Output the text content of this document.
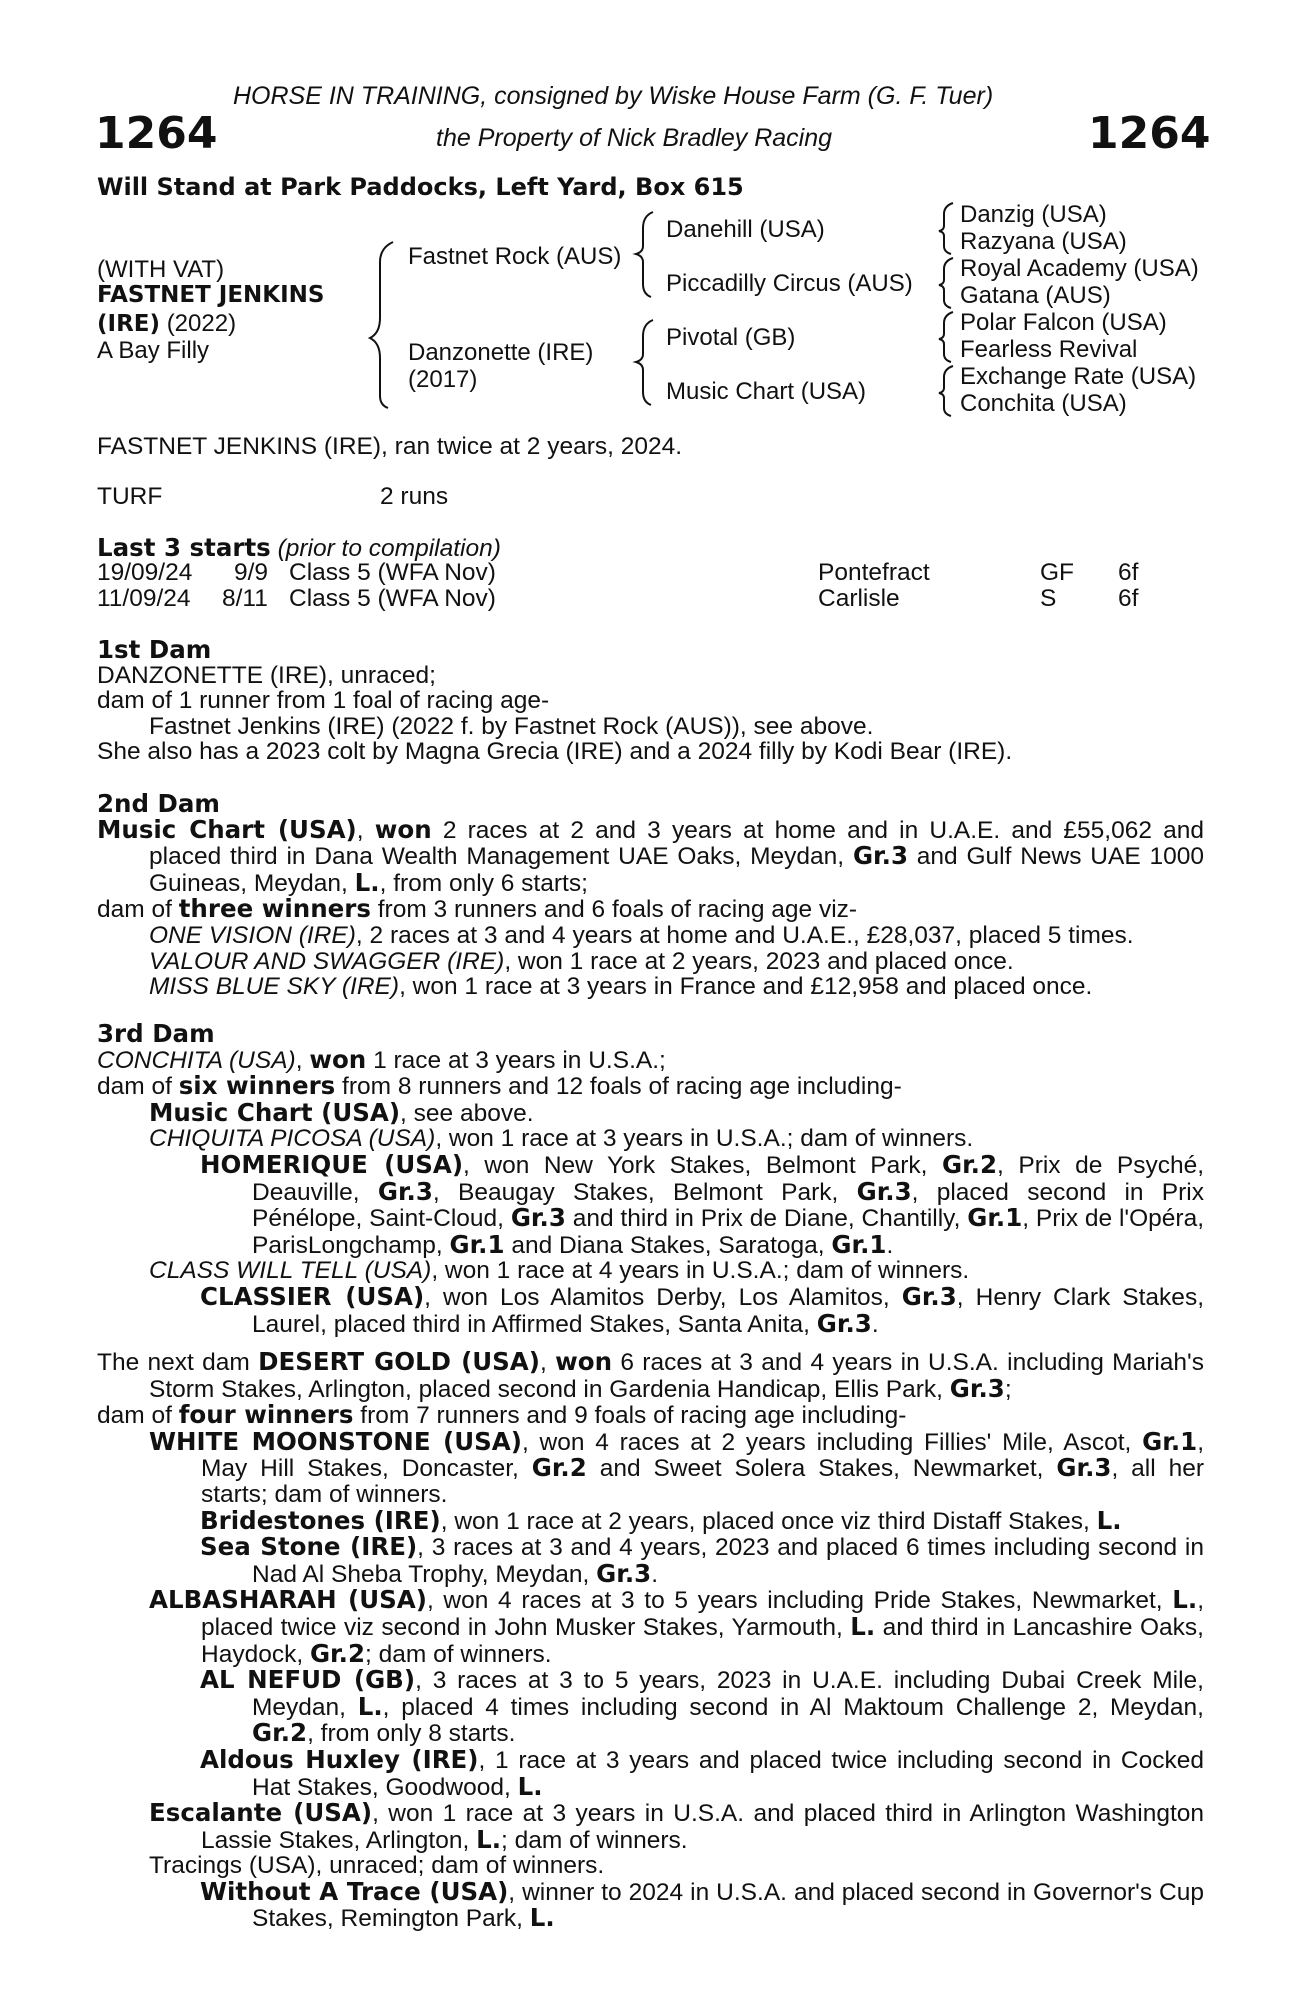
HORSE IN TRAINING, consigned by Wiske House Farm (G. F. Tuer)
1264	the Property of Nick Bradley Racing	1264
Will Stand at Park Paddocks, Left Yard, Box 615
(WITH VAT)
FASTNET JENKINS
(IRE) (2022)
A Bay Filly
Fastnet Rock (AUS)
Danzonette (IRE)
(2017)
Danehill (USA)
Piccadilly Circus (AUS)
Pivotal (GB)
Music Chart (USA)
Danzig (USA)
Razyana (USA)
Royal Academy (USA)
Gatana (AUS)
Polar Falcon (USA)
Fearless Revival
Exchange Rate (USA)
Conchita (USA)
FASTNET JENKINS (IRE), ran twice at 2 years, 2024.
TURF	2 runs
Last 3 starts (prior to compilation)
19/09/24 9/9 Class 5 (WFA Nov)	Pontefract	GF 6f
11/09/24 8/11 Class 5 (WFA Nov)	Carlisle	S	6f

1st Dam

DANZONETTE (IRE), unraced;

dam of 1 runner from 1 foal of racing age-

Fastnet Jenkins (IRE) (2022 f. by Fastnet Rock (AUS)), see above.

She also has a 2023 colt by Magna Grecia (IRE) and a 2024 filly by Kodi Bear (IRE).

2nd Dam

Music Chart (USA), won 2 races at 2 and 3 years at home and in U.A.E. and £55,062 and placed third in Dana Wealth Management UAE Oaks, Meydan, Gr.3 and Gulf News UAE 1000 Guineas, Meydan, L., from only 6 starts;

dam of three winners from 3 runners and 6 foals of racing age viz-

ONE VISION (IRE), 2 races at 3 and 4 years at home and U.A.E., £28,037, placed 5 times.

VALOUR AND SWAGGER (IRE), won 1 race at 2 years, 2023 and placed once.

MISS BLUE SKY (IRE), won 1 race at 3 years in France and £12,958 and placed once.

3rd Dam

CONCHITA (USA), won 1 race at 3 years in U.S.A.;

dam of six winners from 8 runners and 12 foals of racing age including-

Music Chart (USA), see above.

CHIQUITA PICOSA (USA), won 1 race at 3 years in U.S.A.; dam of winners.

HOMERIQUE (USA), won New York Stakes, Belmont Park, Gr.2, Prix de Psyché, Deauville, Gr.3, Beaugay Stakes, Belmont Park, Gr.3, placed second in Prix Pénélope, Saint-Cloud, Gr.3 and third in Prix de Diane, Chantilly, Gr.1, Prix de l'Opéra, ParisLongchamp, Gr.1 and Diana Stakes, Saratoga, Gr.1.

CLASS WILL TELL (USA), won 1 race at 4 years in U.S.A.; dam of winners.

CLASSIER (USA), won Los Alamitos Derby, Los Alamitos, Gr.3, Henry Clark Stakes, Laurel, placed third in Affirmed Stakes, Santa Anita, Gr.3.

The next dam DESERT GOLD (USA), won 6 races at 3 and 4 years in U.S.A. including Mariah's Storm Stakes, Arlington, placed second in Gardenia Handicap, Ellis Park, Gr.3;

dam of four winners from 7 runners and 9 foals of racing age including-

WHITE MOONSTONE (USA), won 4 races at 2 years including Fillies' Mile, Ascot, Gr.1, May Hill Stakes, Doncaster, Gr.2 and Sweet Solera Stakes, Newmarket, Gr.3, all her starts; dam of winners.

Bridestones (IRE), won 1 race at 2 years, placed once viz third Distaff Stakes, L.

Sea Stone (IRE), 3 races at 3 and 4 years, 2023 and placed 6 times including second in Nad Al Sheba Trophy, Meydan, Gr.3.

ALBASHARAH (USA), won 4 races at 3 to 5 years including Pride Stakes, Newmarket, L., placed twice viz second in John Musker Stakes, Yarmouth, L. and third in Lancashire Oaks, Haydock, Gr.2; dam of winners.

AL NEFUD (GB), 3 races at 3 to 5 years, 2023 in U.A.E. including Dubai Creek Mile, Meydan, L., placed 4 times including second in Al Maktoum Challenge 2, Meydan, Gr.2, from only 8 starts.

Aldous Huxley (IRE), 1 race at 3 years and placed twice including second in Cocked Hat Stakes, Goodwood, L.

Escalante (USA), won 1 race at 3 years in U.S.A. and placed third in Arlington Washington Lassie Stakes, Arlington, L.; dam of winners.

Tracings (USA), unraced; dam of winners.

Without A Trace (USA), winner to 2024 in U.S.A. and placed second in Governor's Cup Stakes, Remington Park, L.
